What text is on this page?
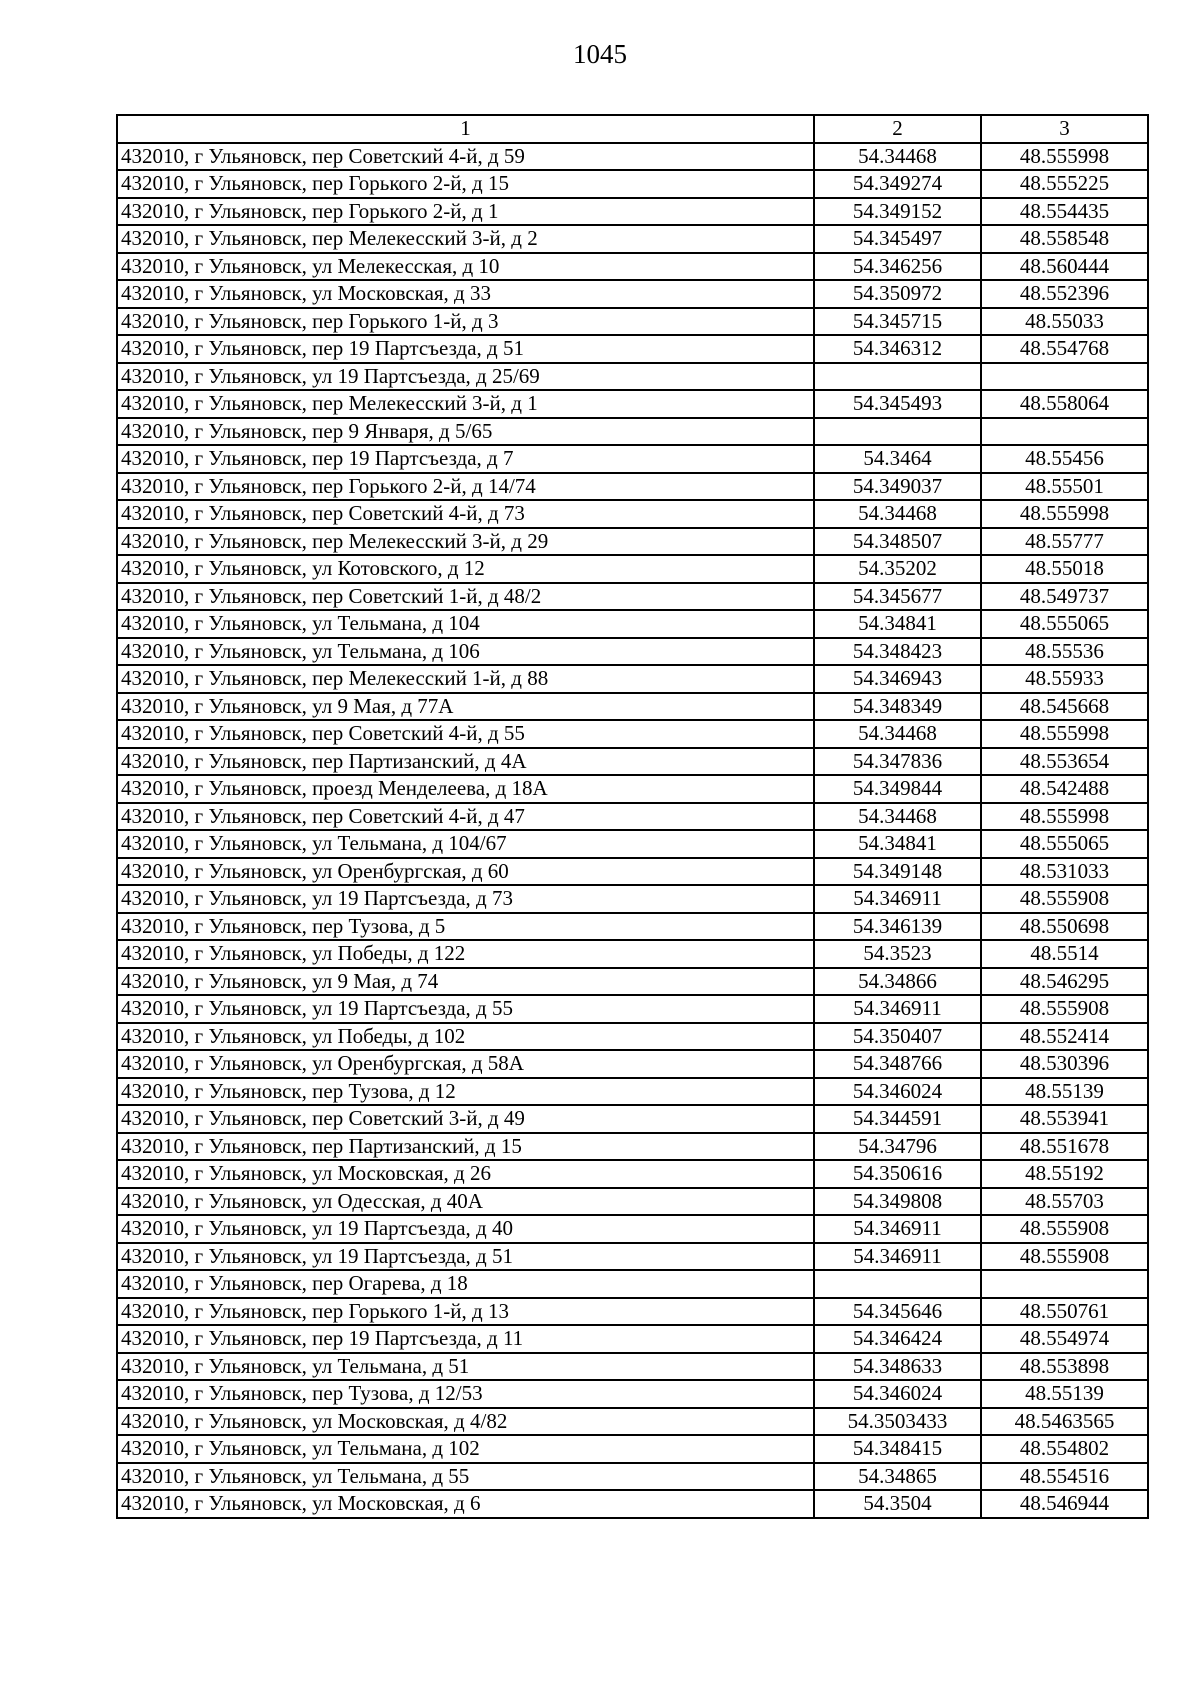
1045
1	2	3
432010, г Ульяновск, пер Советский 4-й, д 59	54.34468	48.555998
432010, г Ульяновск, пер Горького 2-й, д 15	54.349274	48.555225
432010, г Ульяновск, пер Горького 2-й, д 1	54.349152	48.554435
432010, г Ульяновск, пер Мелекесский 3-й, д 2	54.345497	48.558548
432010, г Ульяновск, ул Мелекесская, д 10	54.346256	48.560444
432010, г Ульяновск, ул Московская, д 33	54.350972	48.552396
432010, г Ульяновск, пер Горького 1-й, д 3	54.345715	48.55033
432010, г Ульяновск, пер 19 Партсъезда, д 51	54.346312	48.554768
432010, г Ульяновск, ул 19 Партсъезда, д 25/69		
432010, г Ульяновск, пер Мелекесский 3-й, д 1	54.345493	48.558064
432010, г Ульяновск, пер 9 Января, д 5/65		
432010, г Ульяновск, пер 19 Партсъезда, д 7	54.3464	48.55456
432010, г Ульяновск, пер Горького 2-й, д 14/74	54.349037	48.55501
432010, г Ульяновск, пер Советский 4-й, д 73	54.34468	48.555998
432010, г Ульяновск, пер Мелекесский 3-й, д 29	54.348507	48.55777
432010, г Ульяновск, ул Котовского, д 12	54.35202	48.55018
432010, г Ульяновск, пер Советский 1-й, д 48/2	54.345677	48.549737
432010, г Ульяновск, ул Тельмана, д 104	54.34841	48.555065
432010, г Ульяновск, ул Тельмана, д 106	54.348423	48.55536
432010, г Ульяновск, пер Мелекесский 1-й, д 88	54.346943	48.55933
432010, г Ульяновск, ул 9 Мая, д 77А	54.348349	48.545668
432010, г Ульяновск, пер Советский 4-й, д 55	54.34468	48.555998
432010, г Ульяновск, пер Партизанский, д 4А	54.347836	48.553654
432010, г Ульяновск, проезд Менделеева, д 18А	54.349844	48.542488
432010, г Ульяновск, пер Советский 4-й, д 47	54.34468	48.555998
432010, г Ульяновск, ул Тельмана, д 104/67	54.34841	48.555065
432010, г Ульяновск, ул Оренбургская, д 60	54.349148	48.531033
432010, г Ульяновск, ул 19 Партсъезда, д 73	54.346911	48.555908
432010, г Ульяновск, пер Тузова, д 5	54.346139	48.550698
432010, г Ульяновск, ул Победы, д 122	54.3523	48.5514
432010, г Ульяновск, ул 9 Мая, д 74	54.34866	48.546295
432010, г Ульяновск, ул 19 Партсъезда, д 55	54.346911	48.555908
432010, г Ульяновск, ул Победы, д 102	54.350407	48.552414
432010, г Ульяновск, ул Оренбургская, д 58А	54.348766	48.530396
432010, г Ульяновск, пер Тузова, д 12	54.346024	48.55139
432010, г Ульяновск, пер Советский 3-й, д 49	54.344591	48.553941
432010, г Ульяновск, пер Партизанский, д 15	54.34796	48.551678
432010, г Ульяновск, ул Московская, д 26	54.350616	48.55192
432010, г Ульяновск, ул Одесская, д 40А	54.349808	48.55703
432010, г Ульяновск, ул 19 Партсъезда, д 40	54.346911	48.555908
432010, г Ульяновск, ул 19 Партсъезда, д 51	54.346911	48.555908
432010, г Ульяновск, пер Огарева, д 18		
432010, г Ульяновск, пер Горького 1-й, д 13	54.345646	48.550761
432010, г Ульяновск, пер 19 Партсъезда, д 11	54.346424	48.554974
432010, г Ульяновск, ул Тельмана, д 51	54.348633	48.553898
432010, г Ульяновск, пер Тузова, д 12/53	54.346024	48.55139
432010, г Ульяновск, ул Московская, д 4/82	54.3503433	48.5463565
432010, г Ульяновск, ул Тельмана, д 102	54.348415	48.554802
432010, г Ульяновск, ул Тельмана, д 55	54.34865	48.554516
432010, г Ульяновск, ул Московская, д 6	54.3504	48.546944
